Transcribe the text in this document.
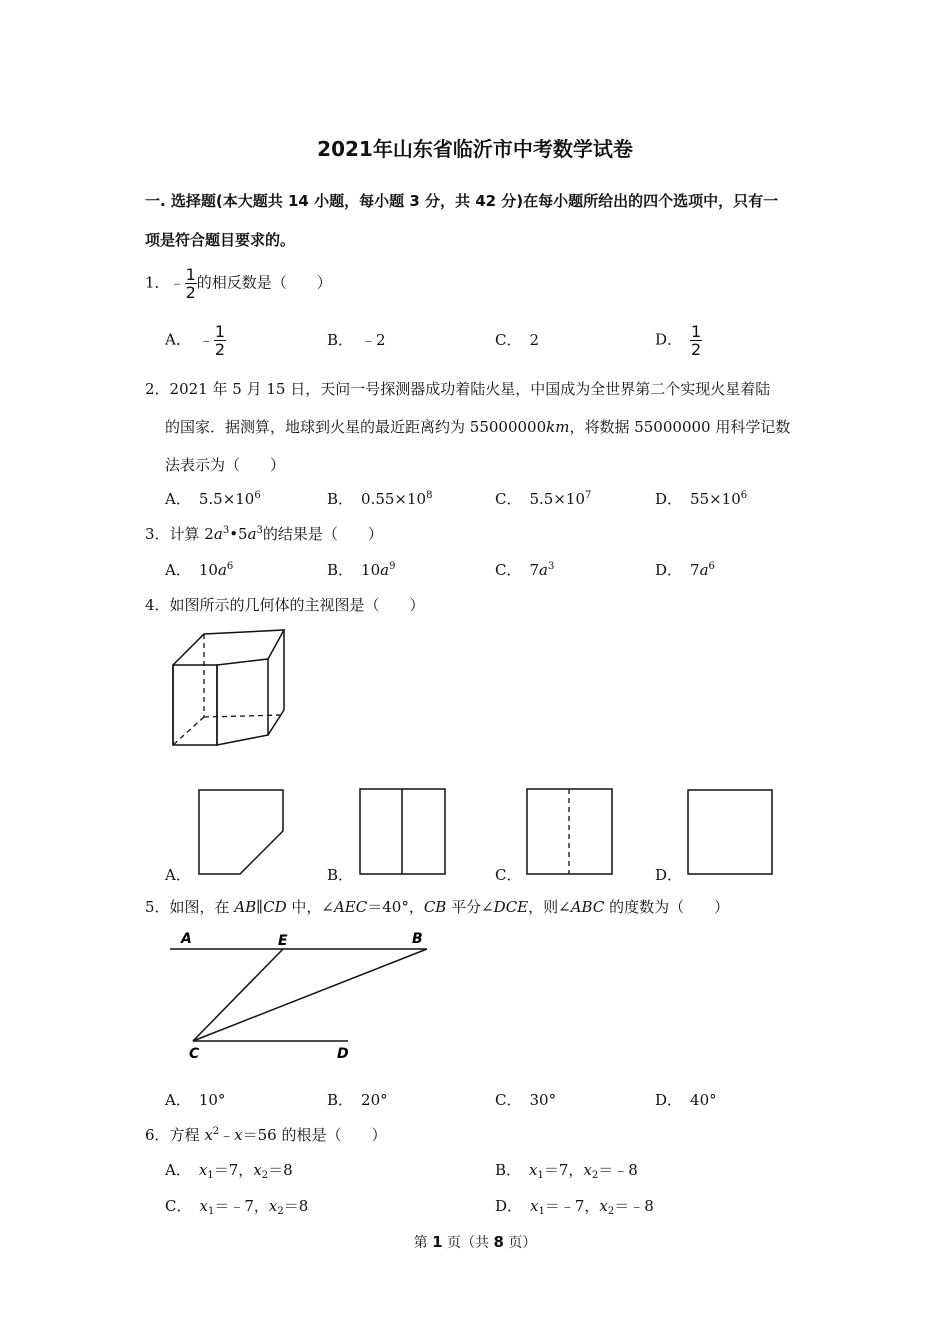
2021年山东省临沂市中考数学试卷
一. 选择题(本大题共 14 小题，每小题 3 分，共 42 分)在每小题所给出的四个选项中，只有一
项是符合题目要求的。
1．﹣ $\frac{1}{2}$ 的相反数是（　　）
A． ﹣ $\frac{1}{2}$	B． ﹣2	C． 2	D． $\frac{1}{2}$
2．2021 年 5 月 15 日，天问一号探测器成功着陆火星，中国成为全世界第二个实现火星着陆
的国家．据测算，地球到火星的最近距离约为 55000000km，将数据 55000000 用科学记数
法表示为（　　）
A． $5.5\times 10^6$	B． $0.55\times 10^8$	C． $5.5\times 10^7$	D． $55\times 10^6$
3．计算 $2a^3•5a^3$的结果是（　　）
A． $10a^6$	B． $10a^9$	C． $7a^3$	D． $7a^6$
4．如图所示的几何体的主视图是（　　）
A．	B．	C．	D．
5．如图，在 AB∥CD 中，∠AEC＝40°，CB 平分∠DCE，则∠ABC 的度数为（　　）
A	E	B
C	D
A． 10°	B． 20°	C． 30°	D． 40°
6．方程 $x^2﹣x=56$ 的根是（　　）
A． $x_1=7$，$x_2=8$	B． $x_1=7$，$x_2=﹣8$
C． $x_1=﹣7$，$x_2=8$	D． $x_1=﹣7$，$x_2=﹣8$
第 1 页（共 8 页）
